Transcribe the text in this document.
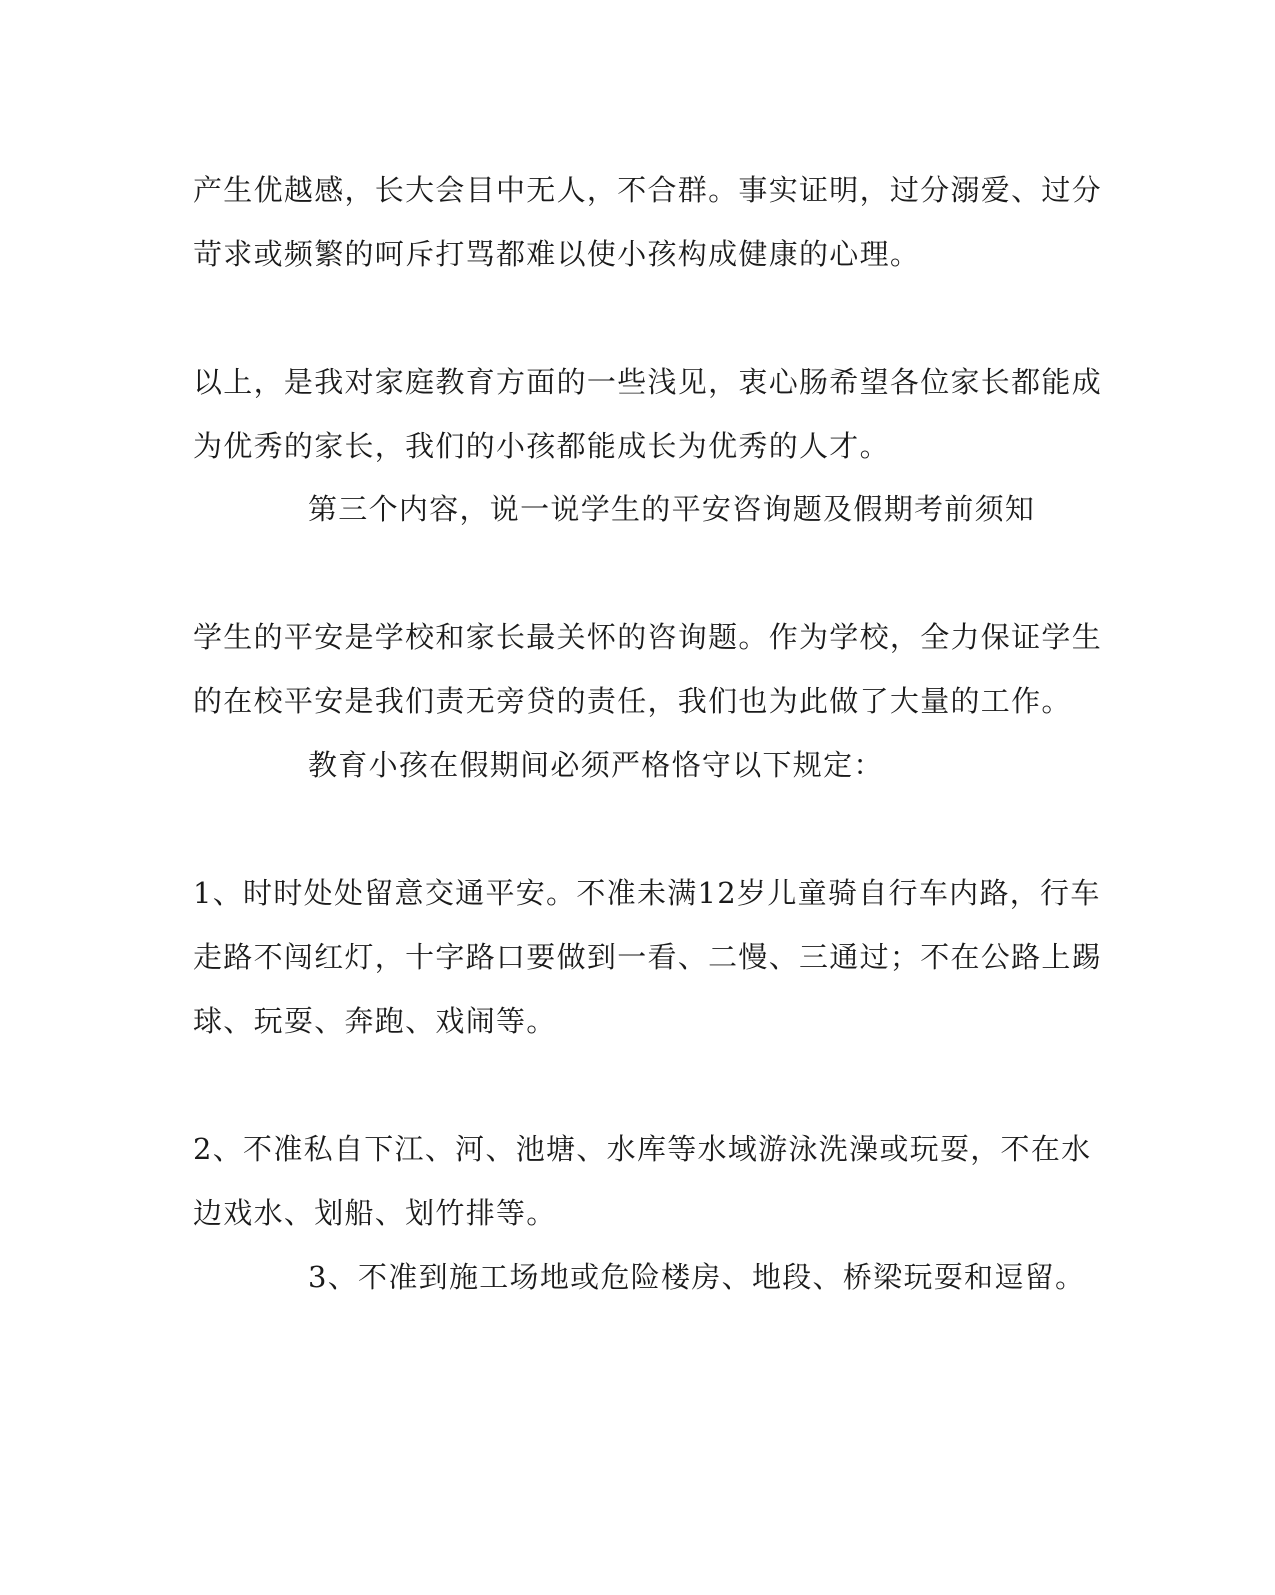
产生优越感，长大会目中无人，不合群。事实证明，过分溺爱、过分
苛求或频繁的呵斥打骂都难以使小孩构成健康的心理。
以上，是我对家庭教育方面的一些浅见，衷心肠希望各位家长都能成
为优秀的家长，我们的小孩都能成长为优秀的人才。
第三个内容，说一说学生的平安咨询题及假期考前须知
学生的平安是学校和家长最关怀的咨询题。作为学校，全力保证学生
的在校平安是我们责无旁贷的责任，我们也为此做了大量的工作。
教育小孩在假期间必须严格恪守以下规定：
1、时时处处留意交通平安。不准未满12岁儿童骑自行车内路，行车
走路不闯红灯，十字路口要做到一看、二慢、三通过；不在公路上踢
球、玩耍、奔跑、戏闹等。
2、不准私自下江、河、池塘、水库等水域游泳洗澡或玩耍，不在水
边戏水、划船、划竹排等。
3、不准到施工场地或危险楼房、地段、桥梁玩耍和逗留。
